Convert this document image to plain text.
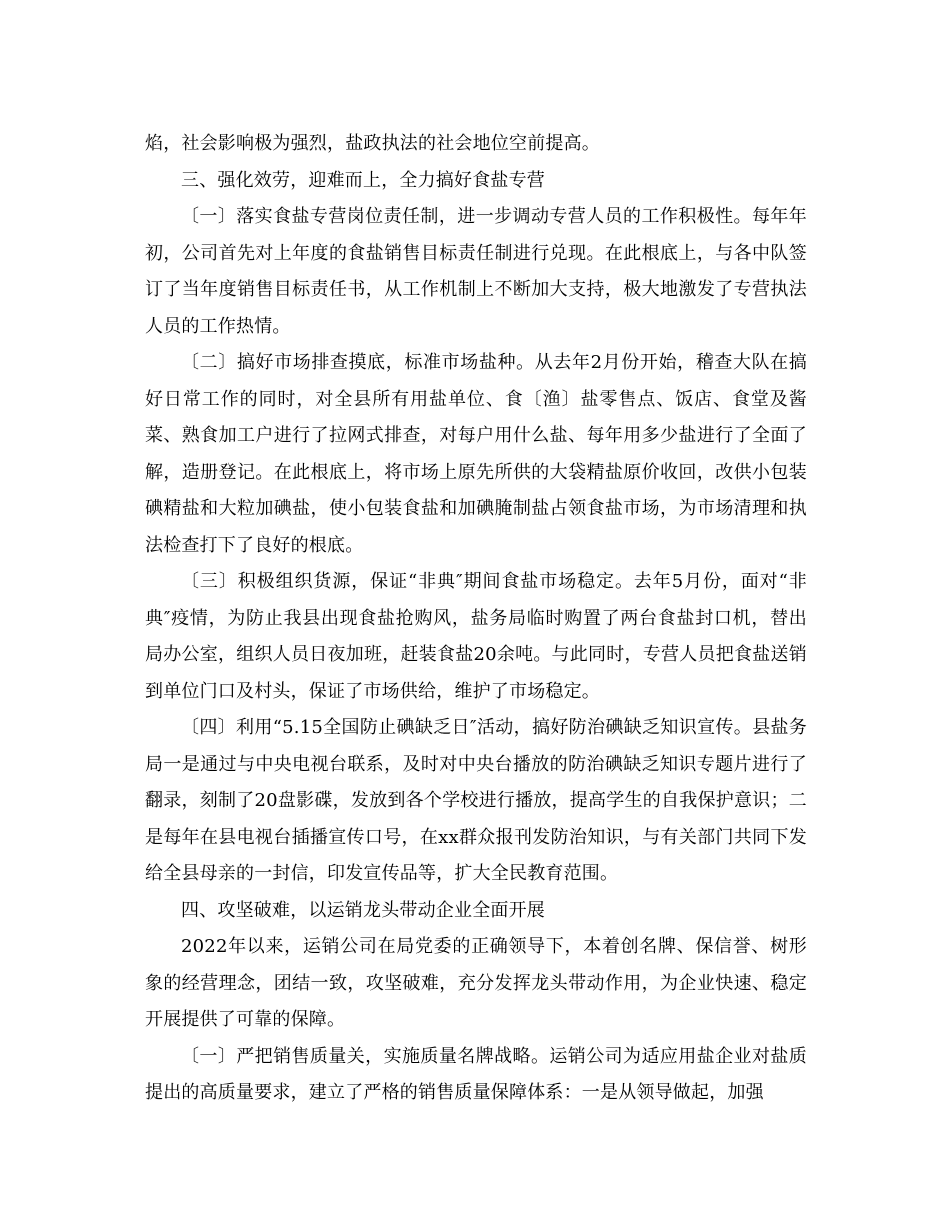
焰，社会影响极为强烈，盐政执法的社会地位空前提高。

三、强化效劳，迎难而上，全力搞好食盐专营

〔一〕落实食盐专营岗位责任制，进一步调动专营人员的工作积极性。每年年初，公司首先对上年度的食盐销售目标责任制进行兑现。在此根底上，与各中队签订了当年度销售目标责任书，从工作机制上不断加大支持，极大地激发了专营执法人员的工作热情。

〔二〕搞好市场排查摸底，标准市场盐种。从去年2月份开始，稽查大队在搞好日常工作的同时，对全县所有用盐单位、食〔渔〕盐零售点、饭店、食堂及酱菜、熟食加工户进行了拉网式排查，对每户用什么盐、每年用多少盐进行了全面了解，造册登记。在此根底上，将市场上原先所供的大袋精盐原价收回，改供小包装碘精盐和大粒加碘盐，使小包装食盐和加碘腌制盐占领食盐市场，为市场清理和执法检查打下了良好的根底。

〔三〕积极组织货源，保证“非典″期间食盐市场稳定。去年5月份，面对“非典″疫情，为防止我县出现食盐抢购风，盐务局临时购置了两台食盐封口机，替出局办公室，组织人员日夜加班，赶装食盐20余吨。与此同时，专营人员把食盐送销到单位门口及村头，保证了市场供给，维护了市场稳定。

〔四〕利用“5.15全国防止碘缺乏日″活动，搞好防治碘缺乏知识宣传。县盐务局一是通过与中央电视台联系，及时对中央台播放的防治碘缺乏知识专题片进行了翻录，刻制了20盘影碟，发放到各个学校进行播放，提高学生的自我保护意识；二是每年在县电视台插播宣传口号，在xx群众报刊发防治知识，与有关部门共同下发给全县母亲的一封信，印发宣传品等，扩大全民教育范围。

四、攻坚破难，以运销龙头带动企业全面开展

2022年以来，运销公司在局党委的正确领导下，本着创名牌、保信誉、树形象的经营理念，团结一致，攻坚破难，充分发挥龙头带动作用，为企业快速、稳定开展提供了可靠的保障。

〔一〕严把销售质量关，实施质量名牌战略。运销公司为适应用盐企业对盐质提出的高质量要求，建立了严格的销售质量保障体系：一是从领导做起，加强
